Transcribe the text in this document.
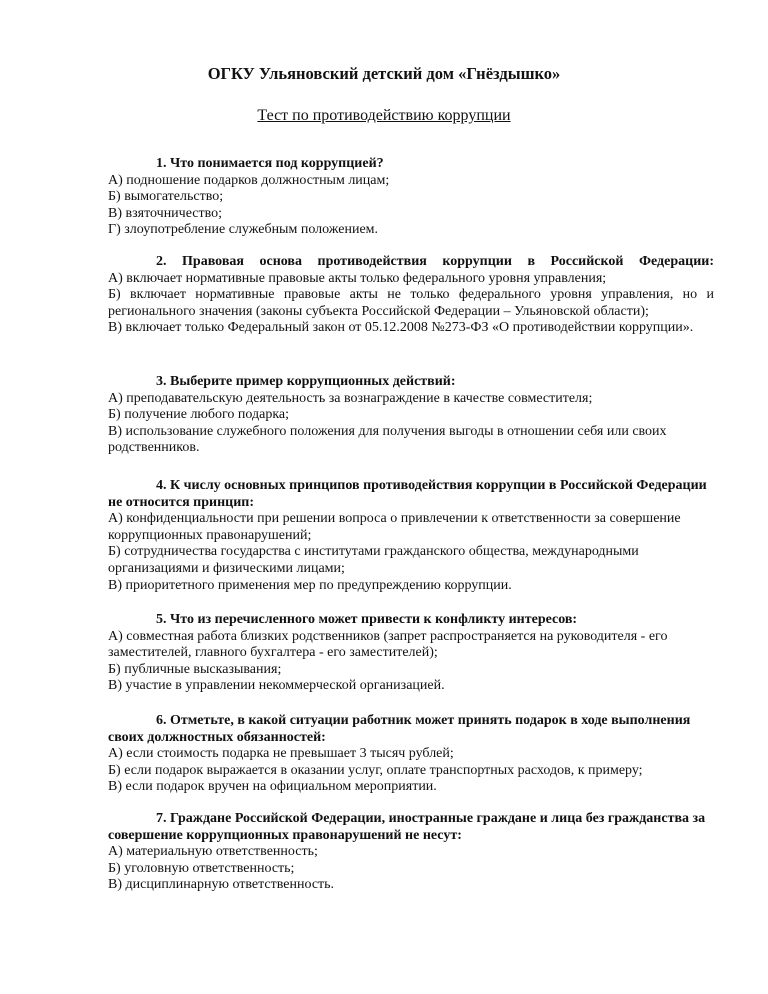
ОГКУ Ульяновский детский дом «Гнёздышко»
Тест по противодействию коррупции

1. Что понимается под коррупцией?

А) подношение подарков должностным лицам;

Б) вымогательство;

В) взяточничество;

Г) злоупотребление служебным положением.

2. Правовая основа противодействия коррупции в Российской Федерации:

А) включает нормативные правовые акты только федерального уровня управления;

Б) включает нормативные правовые акты не только федерального уровня управления, но и регионального значения (законы субъекта Российской Федерации – Ульяновской области);

В) включает только Федеральный закон от 05.12.2008 №273-ФЗ «О противодействии коррупции».

3. Выберите пример коррупционных действий:

А) преподавательскую деятельность за вознаграждение в качестве совместителя;

Б) получение любого подарка;

В) использование служебного положения для получения выгоды в отношении себя или своих родственников.

4. К числу основных принципов противодействия коррупции в Российской Федерации не относится принцип:

А) конфиденциальности при решении вопроса о привлечении к ответственности за совершение коррупционных правонарушений;

Б) сотрудничества государства с институтами гражданского общества, международными организациями и физическими лицами;

В) приоритетного применения мер по предупреждению коррупции.

5. Что из перечисленного может привести к конфликту интересов:

А) совместная работа близких родственников (запрет распространяется на руководителя - его заместителей, главного бухгалтера - его заместителей);

Б) публичные высказывания;

В) участие в управлении некоммерческой организацией.

6. Отметьте, в какой ситуации работник может принять подарок в ходе выполнения своих должностных обязанностей:

А) если стоимость подарка не превышает 3 тысяч рублей;

Б) если подарок выражается в оказании услуг, оплате транспортных расходов, к примеру;

В) если подарок вручен на официальном мероприятии.

7. Граждане Российской Федерации, иностранные граждане и лица без гражданства за совершение коррупционных правонарушений не несут:

А) материальную ответственность;

Б) уголовную ответственность;

В) дисциплинарную ответственность.
